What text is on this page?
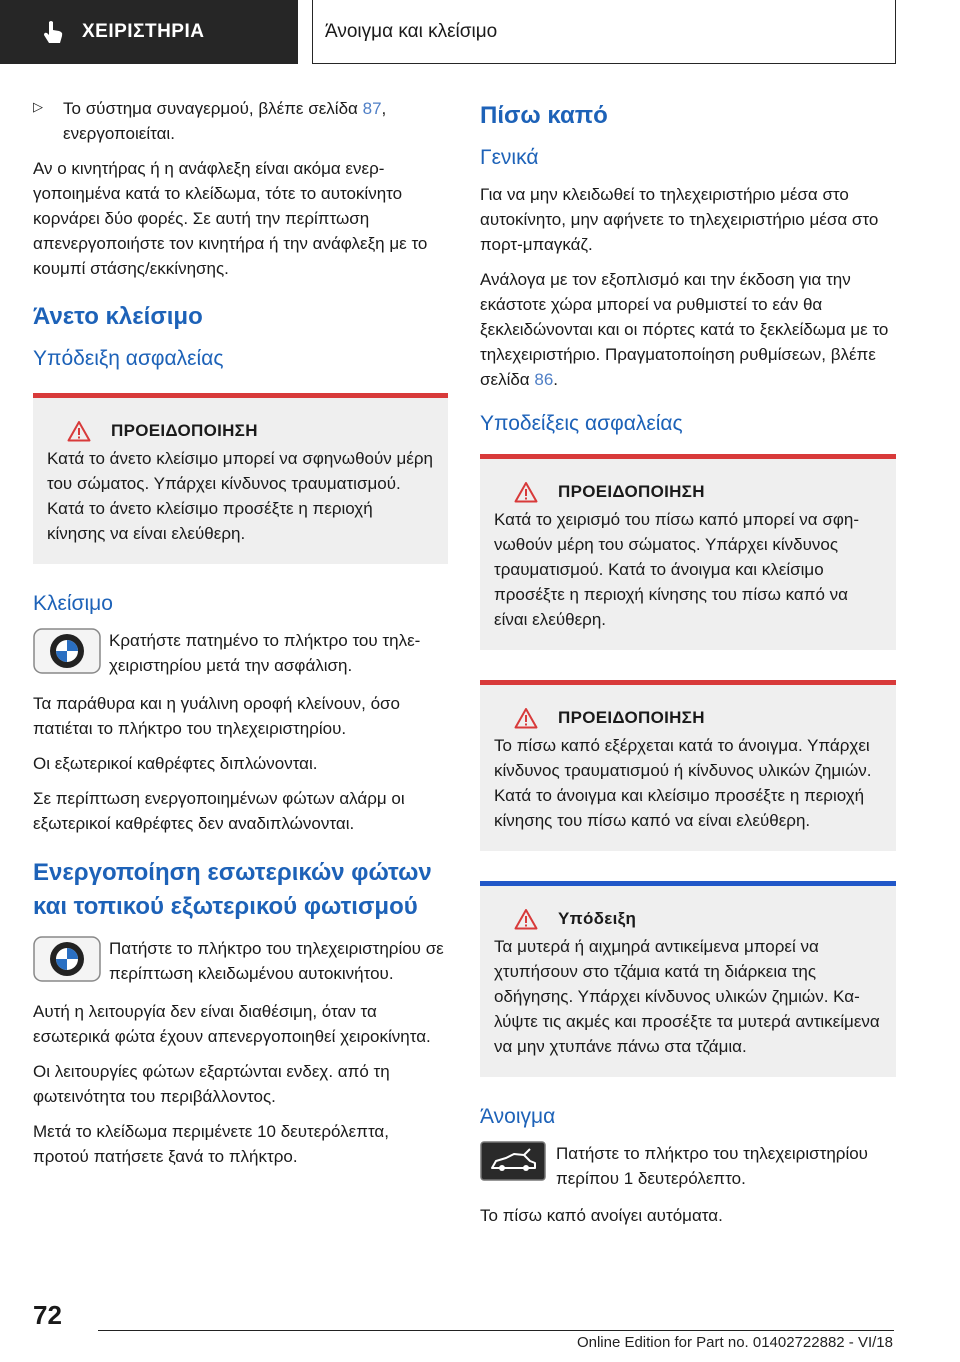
ΧΕΙΡΙΣΤΗΡΙΑ	Άνοιγμα και κλείσιμο
▷	Το σύστημα συναγερμού, βλέπε σελίδα 87, ενεργοποιείται.

Αν ο κινητήρας ή η ανάφλεξη είναι ακόμα ενεργοποιημένα κατά το κλείδωμα, τότε το αυτοκίνητο κορνάρει δύο φορές. Σε αυτή την περίπτωση απενεργοποιήστε τον κινητήρα ή την ανάφλεξη με το κουμπί στάσης/εκκίνησης.

Άνετο κλείσιμο
Υπόδειξη ασφαλείας
ΠΡΟΕΙΔΟΠΟΙΗΣΗ

Κατά το άνετο κλείσιμο μπορεί να σφηνωθούν μέρη του σώματος. Υπάρχει κίνδυνος τραυματισμού. Κατά το άνετο κλείσιμο προσέξτε η περιοχή κίνησης να είναι ελεύθερη.

Κλείσιμο

Κρατήστε πατημένο το πλήκτρο του τηλεχειριστηρίου μετά την ασφάλιση.

Τα παράθυρα και η γυάλινη οροφή κλείνουν, όσο πατιέται το πλήκτρο του τηλεχειριστηρίου.

Οι εξωτερικοί καθρέφτες διπλώνονται.

Σε περίπτωση ενεργοποιημένων φώτων αλάρμ οι εξωτερικοί καθρέφτες δεν αναδιπλώνονται.

Ενεργοποίηση εσωτερικών φώτων και τοπικού εξωτερικού φωτισμού

Πατήστε το πλήκτρο του τηλεχειριστηρίου σε περίπτωση κλειδωμένου αυτοκινήτου.

Αυτή η λειτουργία δεν είναι διαθέσιμη, όταν τα εσωτερικά φώτα έχουν απενεργοποιηθεί χειροκίνητα.

Οι λειτουργίες φώτων εξαρτώνται ενδεχ. από τη φωτεινότητα του περιβάλλοντος.

Μετά το κλείδωμα περιμένετε 10 δευτερόλεπτα, προτού πατήσετε ξανά το πλήκτρο.

Πίσω καπό
Γενικά

Για να μην κλειδωθεί το τηλεχειριστήριο μέσα στο αυτοκίνητο, μην αφήνετε το τηλεχειριστήριο μέσα στο πορτ-μπαγκάζ.

Ανάλογα με τον εξοπλισμό και την έκδοση για την εκάστοτε χώρα μπορεί να ρυθμιστεί το εάν θα ξεκλειδώνονται και οι πόρτες κατά το ξεκλείδωμα με το τηλεχειριστήριο. Πραγματοποίηση ρυθμίσεων, βλέπε σελίδα 86.

Υποδείξεις ασφαλείας
ΠΡΟΕΙΔΟΠΟΙΗΣΗ

Κατά το χειρισμό του πίσω καπό μπορεί να σφηνωθούν μέρη του σώματος. Υπάρχει κίνδυνος τραυματισμού. Κατά το άνοιγμα και κλείσιμο προσέξτε η περιοχή κίνησης του πίσω καπό να είναι ελεύθερη.

ΠΡΟΕΙΔΟΠΟΙΗΣΗ

Το πίσω καπό εξέρχεται κατά το άνοιγμα. Υπάρχει κίνδυνος τραυματισμού ή κίνδυνος υλικών ζημιών. Κατά το άνοιγμα και κλείσιμο προσέξτε η περιοχή κίνησης του πίσω καπό να είναι ελεύθερη.

Υπόδειξη

Τα μυτερά ή αιχμηρά αντικείμενα μπορεί να χτυπήσουν στο τζάμια κατά τη διάρκεια της οδήγησης. Υπάρχει κίνδυνος υλικών ζημιών. Καλύψτε τις ακμές και προσέξτε τα μυτερά αντικείμενα να μην χτυπάνε πάνω στα τζάμια.

Άνοιγμα

Πατήστε το πλήκτρο του τηλεχειριστηρίου περίπου 1 δευτερόλεπτο.

Το πίσω καπό ανοίγει αυτόματα.

72
Online Edition for Part no. 01402722882 - VI/18
